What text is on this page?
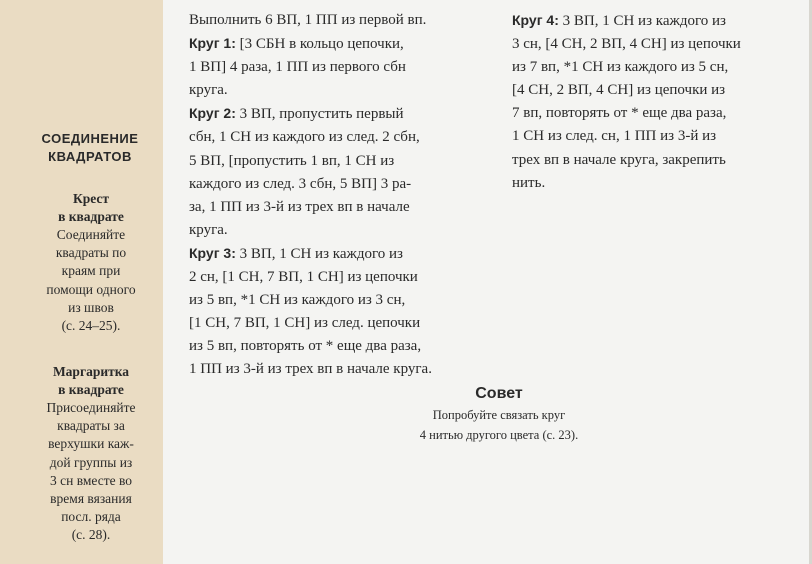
СОЕДИНЕНИЕ
КВАДРАТОВ
Крест
в квадрате
Соединяйте
квадраты по
краям при
помощи одного
из швов
(с. 24–25).
Маргаритка
в квадрате
Присоединяйте
квадраты за
верхушки каж-
дой группы из
3 сн вместе во
время вязания
посл. ряда
(с. 28).
Выполнить 6 ВП, 1 ПП из первой вп.
Круг 1: [3 СБН в кольцо цепочки,
1 ВП] 4 раза, 1 ПП из первого сбн
круга.
Круг 2: 3 ВП, пропустить первый
сбн, 1 СН из каждого из след. 2 сбн,
5 ВП, [пропустить 1 вп, 1 СН из
каждого из след. 3 сбн, 5 ВП] 3 ра-
за, 1 ПП из 3-й из трех вп в начале
круга.
Круг 3: 3 ВП, 1 СН из каждого из
2 сн, [1 СН, 7 ВП, 1 СН] из цепочки
из 5 вп, *1 СН из каждого из 3 сн,
[1 СН, 7 ВП, 1 СН] из след. цепочки
из 5 вп, повторять от * еще два раза,
1 ПП из 3-й из трех вп в начале круга.
Круг 4: 3 ВП, 1 СН из каждого из
3 сн, [4 СН, 2 ВП, 4 СН] из цепочки
из 7 вп, *1 СН из каждого из 5 сн,
[4 СН, 2 ВП, 4 СН] из цепочки из
7 вп, повторять от * еще два раза,
1 СН из след. сн, 1 ПП из 3-й из
трех вп в начале круга, закрепить
нить.
Совет
Попробуйте связать круг
4 нитью другого цвета (с. 23).
